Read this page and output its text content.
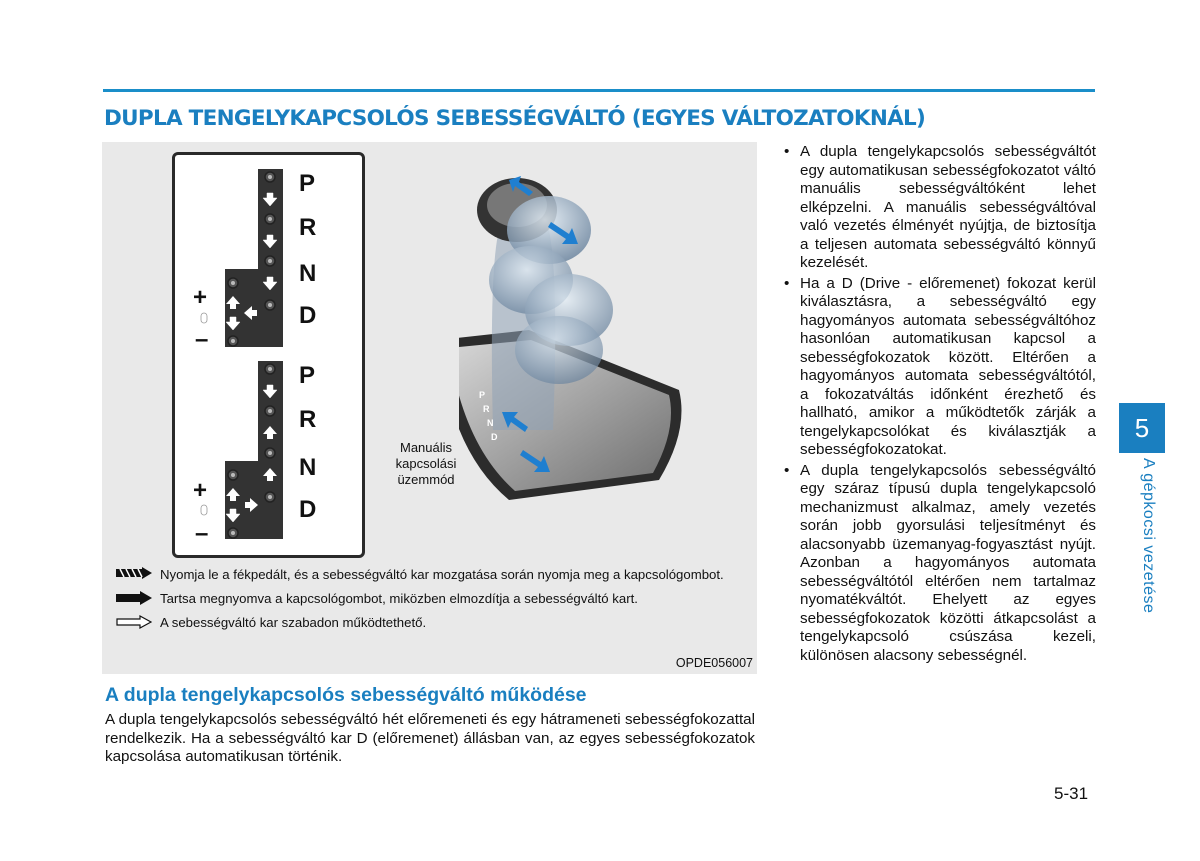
DUPLA TENGELYKAPCSOLÓS SEBESSÉGVÁLTÓ (EGYES VÁLTOZATOKNÁL)
P
R
N
D
P
R
N
D
+
–
+
–
P
R
N
D
Manuális
kapcsolási
üzemmód
Nyomja le a fékpedált, és a sebességváltó kar mozgatása során nyomja meg a kapcsológombot.
Tartsa megnyomva a kapcsológombot, miközben elmozdítja a sebességváltó kart.
A sebességváltó kar szabadon működtethető.
OPDE056007
A dupla tengelykapcsolós sebességváltó működése

A dupla tengelykapcsolós sebességváltó hét előremeneti és egy hátrameneti sebességfokozattal rendelkezik. Ha a sebességváltó kar D (előremenet) állásban van, az egyes sebességfokozatok kapcsolása automatikusan történik.

• A dupla tengelykapcsolós sebességváltót egy automatikusan sebességfokozatot váltó manuális sebességváltóként lehet elképzelni. A manuális sebességváltóval való vezetés élményét nyújtja, de biztosítja a teljesen automata sebességváltó könnyű kezelését.
• Ha a D (Drive - előremenet) fokozat kerül kiválasztásra, a sebességváltó egy hagyományos automata sebességváltóhoz hasonlóan automatikusan kapcsol a sebességfokozatok között. Eltérően a hagyományos automata sebességváltótól, a fokozatváltás időnként érezhető és hallható, amikor a működtetők zárják a tengelykapcsolókat és kiválasztják a sebességfokozatokat.
• A dupla tengelykapcsolós sebességváltó egy száraz típusú dupla tengelykapcsoló mechanizmust alkalmaz, amely vezetés során jobb gyorsulási teljesítményt és alacsonyabb üzemanyag-fogyasztást nyújt. Azonban a hagyományos automata sebességváltótól eltérően nem tartalmaz nyomatékváltót. Ehelyett az egyes sebességfokozatok közötti átkapcsolást a tengelykapcsoló csúszása kezeli, különösen alacsony sebességnél.
5
A gépkocsi vezetése
5-31
